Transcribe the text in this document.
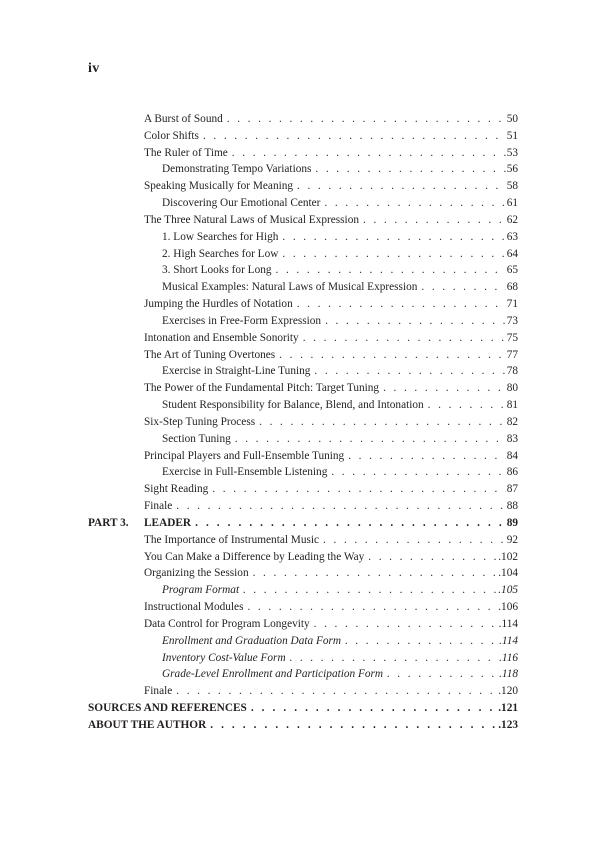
iv
A Burst of Sound . . .	50
Color Shifts . . .	51
The Ruler of Time . . .	53
Demonstrating Tempo Variations . . .	56
Speaking Musically for Meaning . . .	58
Discovering Our Emotional Center . . .	61
The Three Natural Laws of Musical Expression . . .	62
1. Low Searches for High . . .	63
2. High Searches for Low . . .	64
3. Short Looks for Long . . .	65
Musical Examples: Natural Laws of Musical Expression . . .	68
Jumping the Hurdles of Notation . . .	71
Exercises in Free-Form Expression . . .	73
Intonation and Ensemble Sonority . . .	75
The Art of Tuning Overtones . . .	77
Exercise in Straight-Line Tuning . . .	78
The Power of the Fundamental Pitch: Target Tuning . . .	80
Student Responsibility for Balance, Blend, and Intonation . . .	81
Six-Step Tuning Process . . .	82
Section Tuning . . .	83
Principal Players and Full-Ensemble Tuning . . .	84
Exercise in Full-Ensemble Listening . . .	86
Sight Reading . . .	87
Finale . . .	88
PART 3.	LEADER . . .	89
The Importance of Instrumental Music . . .	92
You Can Make a Difference by Leading the Way . . .	.102
Organizing the Session . . .	.104
Program Format . . .	.105
Instructional Modules . . .	.106
Data Control for Program Longevity . . .	.114
Enrollment and Graduation Data Form . . .	.114
Inventory Cost-Value Form . . .	.116
Grade-Level Enrollment and Participation Form . . .	.118
Finale . . .	.120
SOURCES AND REFERENCES . . .	.121
ABOUT THE AUTHOR . . .	.123
